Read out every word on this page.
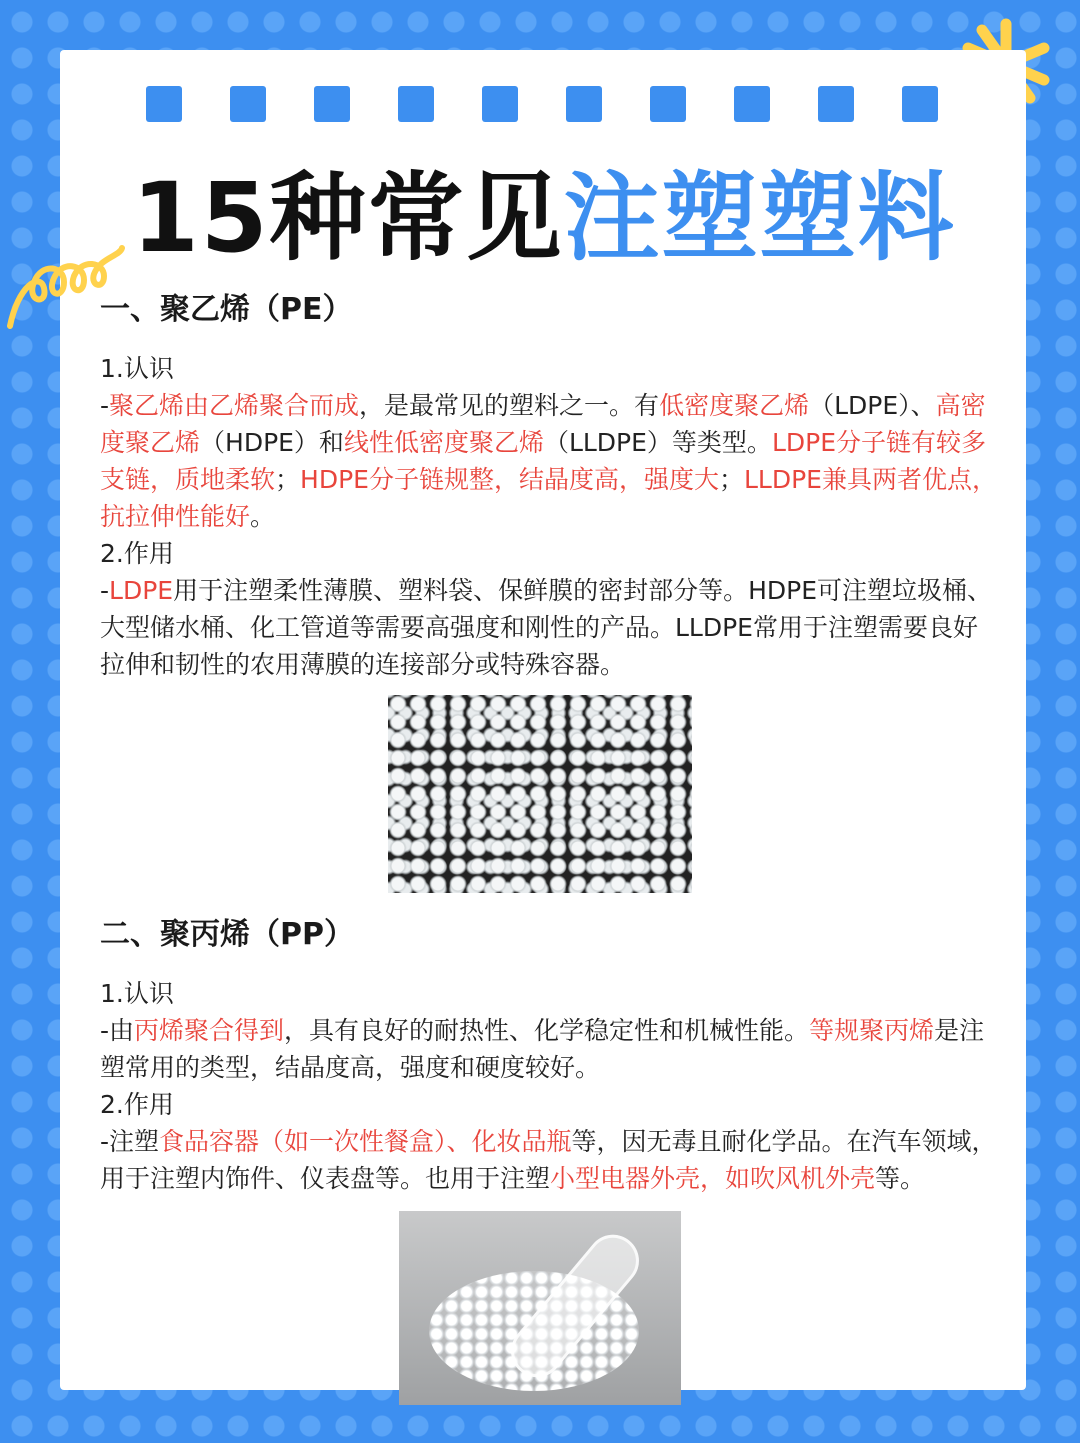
15种常见注塑塑料
一、聚乙烯（PE）

1.认识

-聚乙烯由乙烯聚合而成，是最常见的塑料之一。有低密度聚乙烯（LDPE）、高密度聚乙烯（HDPE）和线性低密度聚乙烯（LLDPE）等类型。LDPE分子链有较多支链，质地柔软；HDPE分子链规整，结晶度高，强度大；LLDPE兼具两者优点，抗拉伸性能好。

2.作用

-LDPE用于注塑柔性薄膜、塑料袋、保鲜膜的密封部分等。HDPE可注塑垃圾桶、大型储水桶、化工管道等需要高强度和刚性的产品。LLDPE常用于注塑需要良好拉伸和韧性的农用薄膜的连接部分或特殊容器。

二、聚丙烯（PP）

1.认识

-由丙烯聚合得到，具有良好的耐热性、化学稳定性和机械性能。等规聚丙烯是注塑常用的类型，结晶度高，强度和硬度较好。

2.作用

-注塑食品容器（如一次性餐盒）、化妆品瓶等，因无毒且耐化学品。在汽车领域，用于注塑内饰件、仪表盘等。也用于注塑小型电器外壳，如吹风机外壳等。
